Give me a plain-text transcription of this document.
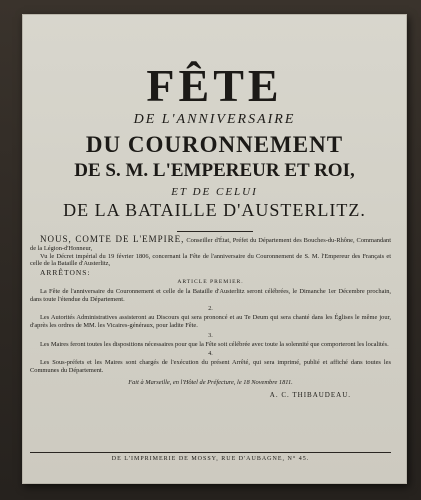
FÊTE
DE L'ANNIVERSAIRE
DU COURONNEMENT
DE S. M. L'EMPEREUR ET ROI,
ET DE CELUI
DE LA BATAILLE D'AUSTERLITZ.

NOUS, COMTE DE L'EMPIRE, Conseiller d'État, Préfet du Département des Bouches-du-Rhône, Commandant de la Légion-d'Honneur,

Vu le Décret impérial du 19 février 1806, concernant la Fête de l'anniversaire du Couronnement de S. M. l'Empereur des Français et celle de la Bataille d'Austerlitz,

ARRÊTONS:

ARTICLE PREMIER.

La Fête de l'anniversaire du Couronnement et celle de la Bataille d'Austerlitz seront célébrées, le Dimanche 1er Décembre prochain, dans toute l'étendue du Département.

2.

Les Autorités Administratives assisteront au Discours qui sera prononcé et au Te Deum qui sera chanté dans les Églises le même jour, d'après les ordres de MM. les Vicaires-généraux, pour ladite Fête.

3.

Les Maires feront toutes les dispositions nécessaires pour que la Fête soit célébrée avec toute la solennité que comporteront les localités.

4.

Les Sous-préfets et les Maires sont chargés de l'exécution du présent Arrêté, qui sera imprimé, publié et affiché dans toutes les Communes du Département.

Fait à Marseille, en l'Hôtel de Préfecture, le 18 Novembre 1811.

A. C. THIBAUDEAU.

DE L'IMPRIMERIE DE MOSSY, RUE D'AUBAGNE, N° 45.
